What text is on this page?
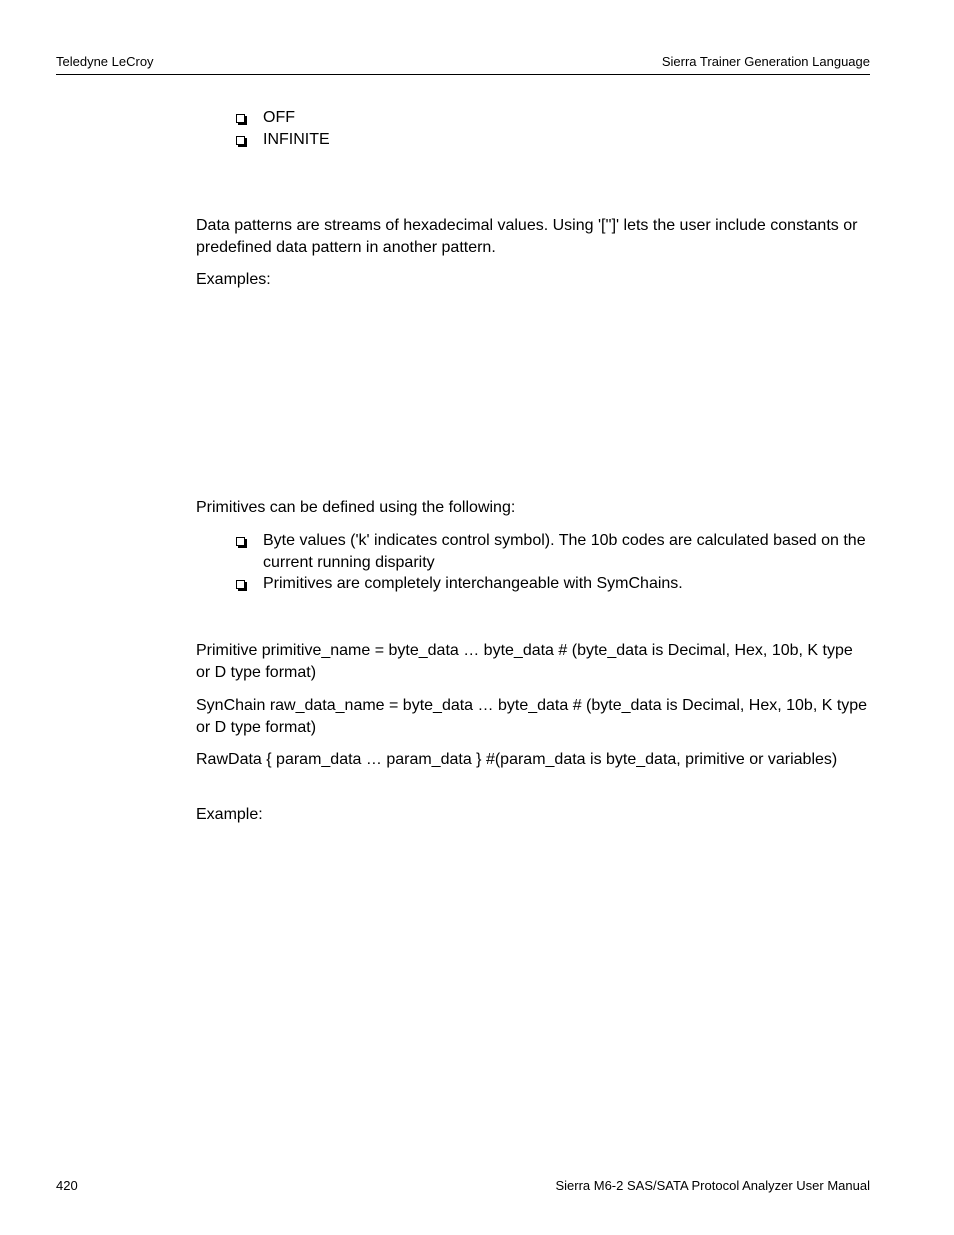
Teledyne LeCroy	Sierra Trainer Generation Language
OFF
INFINITE

Data patterns are streams of hexadecimal values. Using '['']' lets the user include constants or predefined data pattern in another pattern.

Examples:

Primitives can be defined using the following:

Byte values ('k' indicates control symbol). The 10b codes are calculated based on the current running disparity
Primitives are completely interchangeable with SymChains.

Primitive primitive_name = byte_data … byte_data # (byte_data is Decimal, Hex, 10b, K type or D type format)

SynChain raw_data_name = byte_data … byte_data # (byte_data is Decimal, Hex, 10b, K type or D type format)

RawData { param_data … param_data } #(param_data is byte_data, primitive or variables)

Example:

420	Sierra M6-2 SAS/SATA Protocol Analyzer User Manual
